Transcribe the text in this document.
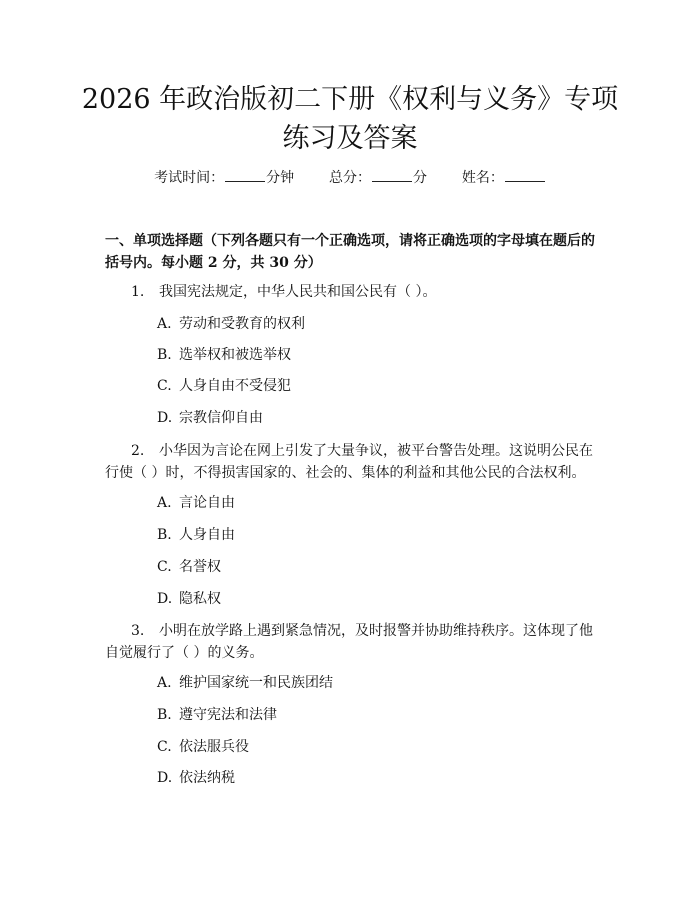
2026 年政治版初二下册《权利与义务》专项
练习及答案
考试时间：	分钟 总分：	分 姓名：
一、单项选择题（下列各题只有一个正确选项，请将正确选项的字母填在题后的括号内。每小题 2 分，共 30 分）
1. 我国宪法规定，中华人民共和国公民有（ ）。
A. 劳动和受教育的权利
B. 选举权和被选举权
C. 人身自由不受侵犯
D. 宗教信仰自由
2. 小华因为言论在网上引发了大量争议，被平台警告处理。这说明公民在行使（ ）时，不得损害国家的、社会的、集体的利益和其他公民的合法权利。
A. 言论自由
B. 人身自由
C. 名誉权
D. 隐私权
3. 小明在放学路上遇到紧急情况，及时报警并协助维持秩序。这体现了他自觉履行了（ ）的义务。
A. 维护国家统一和民族团结
B. 遵守宪法和法律
C. 依法服兵役
D. 依法纳税
